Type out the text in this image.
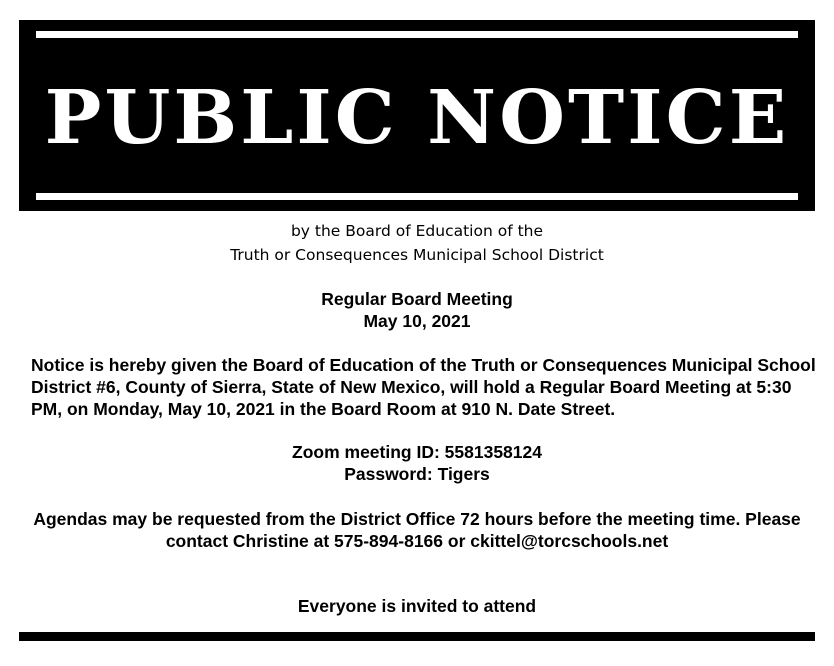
PUBLIC NOTICE
by the Board of Education of the
Truth or Consequences Municipal School District
Regular Board Meeting
May 10, 2021
Notice is hereby given the Board of Education of the Truth or Consequences Municipal School
District #6, County of Sierra, State of New Mexico, will hold a Regular Board Meeting at 5:30
PM, on Monday, May 10, 2021 in the Board Room at 910 N. Date Street.
Zoom meeting ID: 5581358124
Password: Tigers
Agendas may be requested from the District Office 72 hours before the meeting time. Please
contact Christine at 575-894-8166 or ckittel@torcschools.net
Everyone is invited to attend
